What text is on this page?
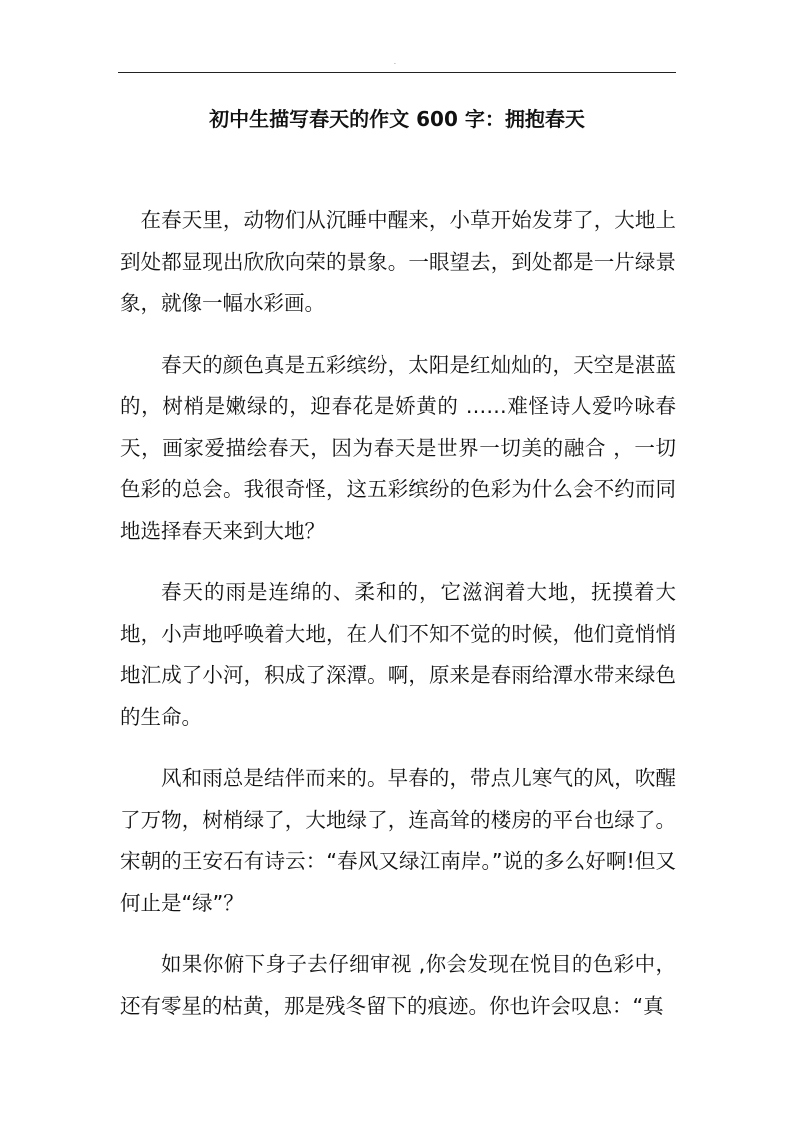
.
初中生描写春天的作文 600 字：拥抱春天

在春天里，动物们从沉睡中醒来，小草开始发芽了，大地上到处都显现出欣欣向荣的景象。一眼望去，到处都是一片绿景象，就像一幅水彩画。

春天的颜色真是五彩缤纷，太阳是红灿灿的，天空是湛蓝的，树梢是嫩绿的，迎春花是娇黄的 ……难怪诗人爱吟咏春天，画家爱描绘春天，因为春天是世界一切美的融合 ，一切色彩的总会。我很奇怪，这五彩缤纷的色彩为什么会不约而同地选择春天来到大地？

春天的雨是连绵的、柔和的，它滋润着大地，抚摸着大地，小声地呼唤着大地，在人们不知不觉的时候，他们竟悄悄地汇成了小河，积成了深潭。啊，原来是春雨给潭水带来绿色的生命。

风和雨总是结伴而来的。早春的，带点儿寒气的风，吹醒了万物，树梢绿了，大地绿了，连高耸的楼房的平台也绿了。宋朝的王安石有诗云：“春风又绿江南岸。”说的多么好啊!但又何止是“绿”？

如果你俯下身子去仔细审视 ,你会发现在悦目的色彩中，还有零星的枯黄，那是残冬留下的痕迹。你也许会叹息：“真
